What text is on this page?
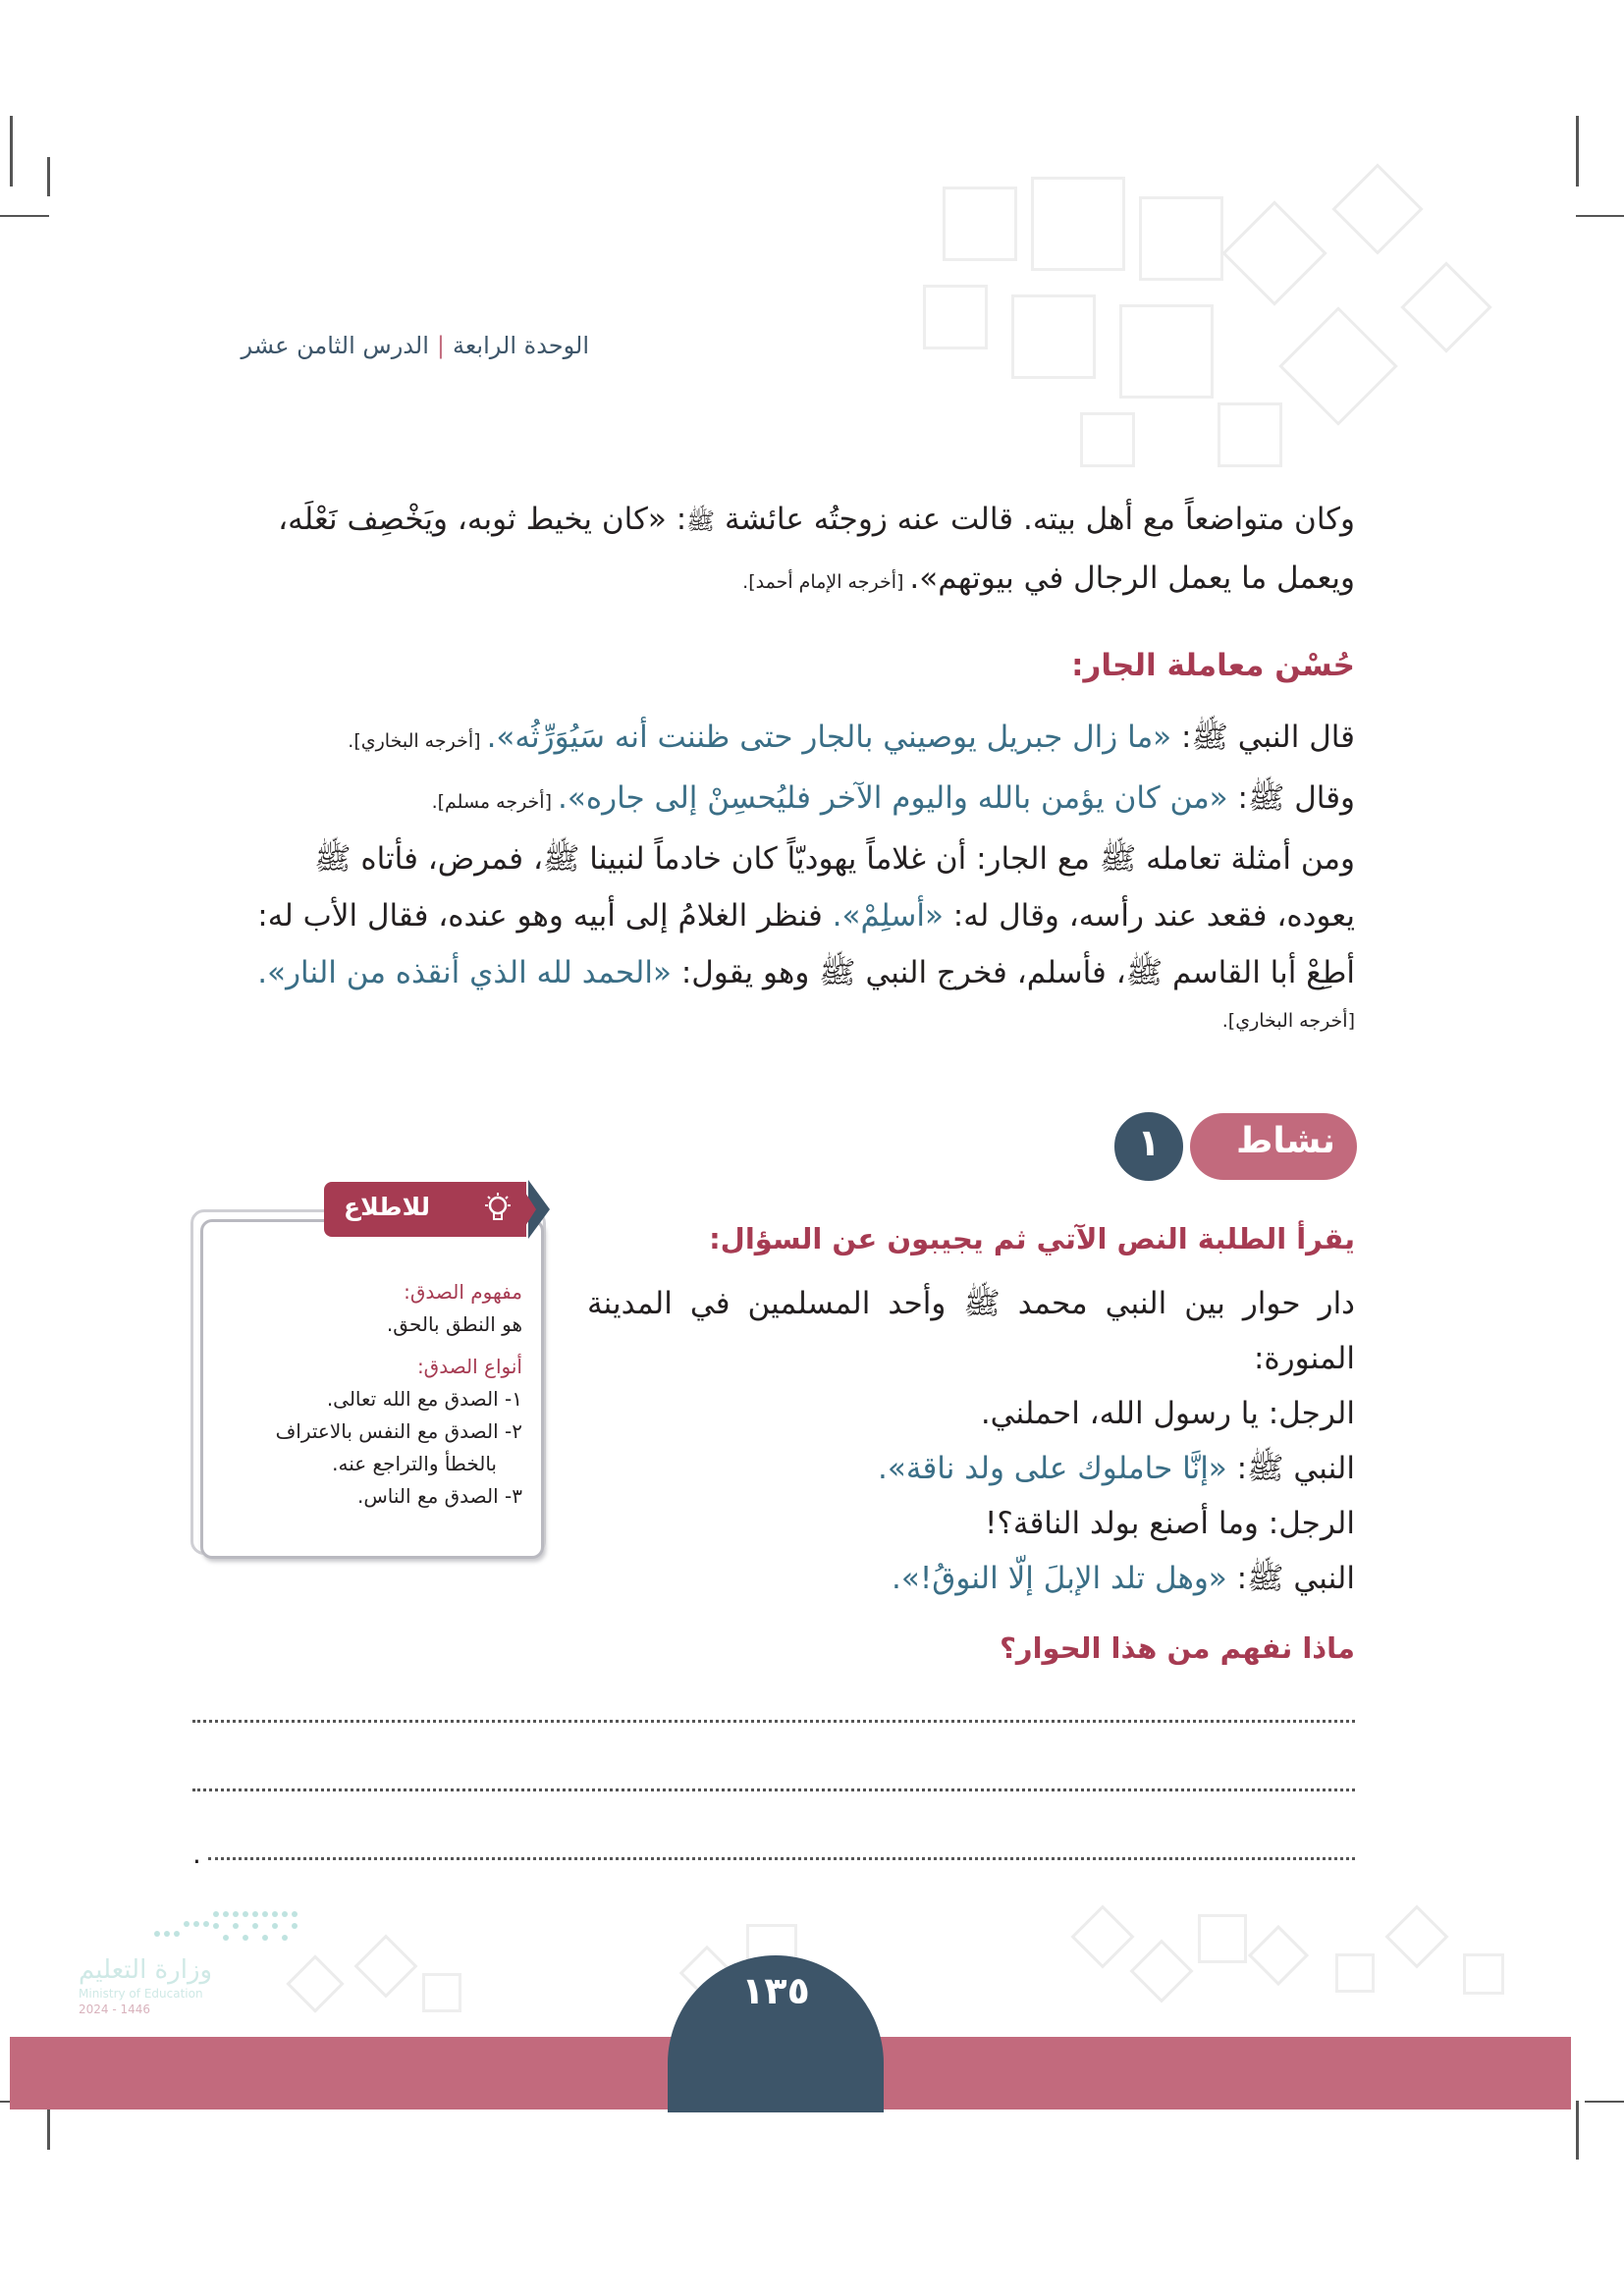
الوحدة الرابعة|الدرس الثامن عشر
وكان متواضعاً مع أهل بيته. قالت عنه زوجتُه عائشة ﷺ: «كان يخيط ثوبه، ويَخْصِف نَعْلَه،
ويعمل ما يعمل الرجال في بيوتهم». [أخرجه الإمام أحمد].
حُسْن معاملة الجار:
قال النبي ﷺ: «ما زال جبريل يوصيني بالجار حتى ظننت أنه سَيُوَرِّثُه». [أخرجه البخاري].
وقال ﷺ: «من كان يؤمن بالله واليوم الآخر فليُحسِنْ إلى جاره». [أخرجه مسلم].
ومن أمثلة تعامله ﷺ مع الجار: أن غلاماً يهوديّاً كان خادماً لنبينا ﷺ، فمرض، فأتاه ﷺ
يعوده، فقعد عند رأسه، وقال له: «أسلِمْ». فنظر الغلامُ إلى أبيه وهو عنده، فقال الأب له:
أطِعْ أبا القاسم ﷺ، فأسلم، فخرج النبي ﷺ وهو يقول: «الحمد لله الذي أنقذه من النار».
[أخرجه البخاري].
نشاط
١
يقرأ الطلبة النص الآتي ثم يجيبون عن السؤال:
دار حوار بين النبي محمد ﷺ وأحد المسلمين في المدينة
المنورة:
الرجل: يا رسول الله، احملني.
النبي ﷺ: «إنَّا حاملوك على ولد ناقة».
الرجل: وما أصنع بولد الناقة؟!
النبي ﷺ: «وهل تلد الإبلَ إلّا النوقُ!».
ماذا نفهم من هذا الحوار؟
.
مفهوم الصدق:
هو النطق بالحق.
أنواع الصدق:
١- الصدق مع الله تعالى.
٢- الصدق مع النفس بالاعتراف
بالخطأ والتراجع عنه.
٣- الصدق مع الناس.
للاطلاع
١٣٥
وزارة التعليم
Ministry of Education
2024 - 1446
